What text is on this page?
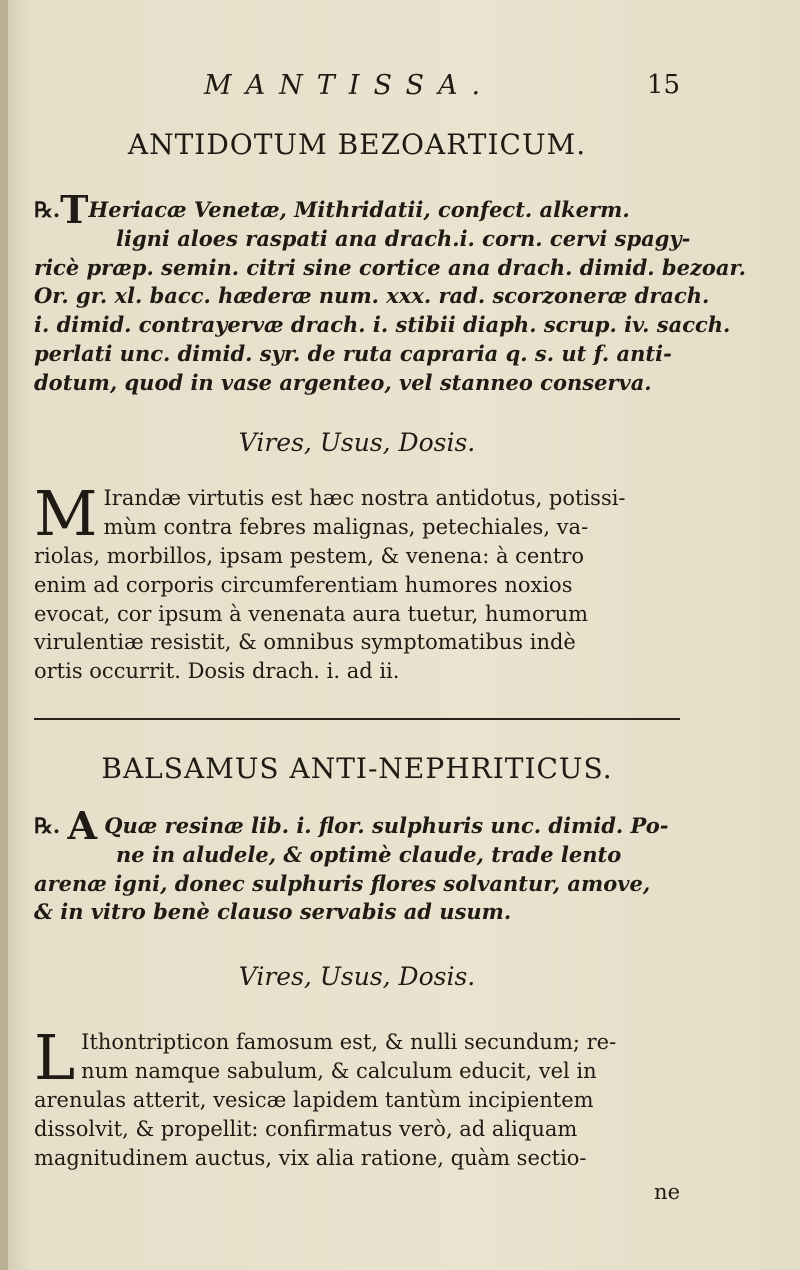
MANTISSA.	15
ANTIDOTUM BEZOARTICUM.
℞.THeriacæ Venetæ, Mithridatii, confect. alkerm.
ligni aloes raspati ana drach.i. corn. cervi spagy-
ricè præp. semin. citri sine cortice ana drach. dimid. bezoar.
Or. gr. xl. bacc. hæderæ num. xxx. rad. scorzoneræ drach.
i. dimid. contrayervæ drach. i. stibii diaph. scrup. iv. sacch.
perlati unc. dimid. syr. de ruta capraria q. s. ut f. anti-
dotum, quod in vase argenteo, vel stanneo conserva.
Vires, Usus, Dosis.
M Irandæ virtutis est hæc nostra antidotus, potissi-
mùm contra febres malignas, petechiales, va-
riolas, morbillos, ipsam pestem, & venena: à centro
enim ad corporis circumferentiam humores noxios
evocat, cor ipsum à venenata aura tuetur, humorum
virulentiæ resistit, & omnibus symptomatibus indè
ortis occurrit. Dosis drach. i. ad ii.
BALSAMUS ANTI-NEPHRITICUS.
℞. A Quæ resinæ lib. i. flor. sulphuris unc. dimid. Po-
ne in aludele, & optimè claude, trade lento
arenæ igni, donec sulphuris flores solvantur, amove,
& in vitro benè clauso servabis ad usum.
Vires, Usus, Dosis.
L Ithontripticon famosum est, & nulli secundum; re-
num namque sabulum, & calculum educit, vel in
arenulas atterit, vesicæ lapidem tantùm incipientem
dissolvit, & propellit: confirmatus verò, ad aliquam
magnitudinem auctus, vix alia ratione, quàm sectio-
ne
